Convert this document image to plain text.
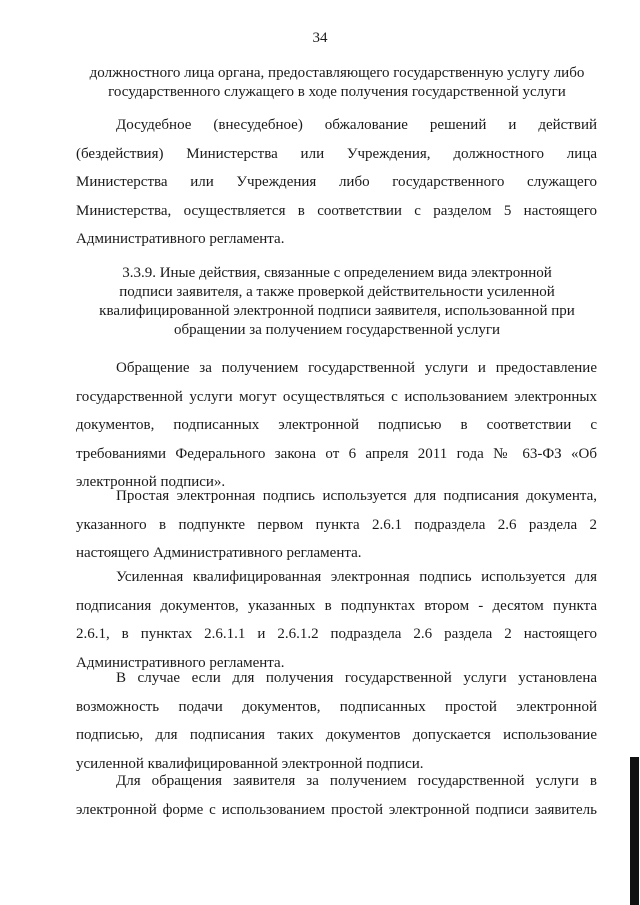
34
должностного лица органа, предоставляющего государственную услугу либо
государственного служащего в ходе получения государственной услуги
Досудебное (внесудебное) обжалование решений и действий
(бездействия) Министерства или Учреждения, должностного лица
Министерства или Учреждения либо государственного служащего
Министерства, осуществляется в соответствии с разделом 5 настоящего
Административного регламента.
3.3.9. Иные действия, связанные с определением вида электронной
подписи заявителя, а также проверкой действительности усиленной
квалифицированной электронной подписи заявителя, использованной при
обращении за получением государственной услуги
Обращение за получением государственной услуги и предоставление
государственной услуги могут осуществляться с использованием электронных
документов, подписанных электронной подписью в соответствии с
требованиями Федерального закона от 6 апреля 2011 года № 63-ФЗ «Об
электронной подписи».
Простая электронная подпись используется для подписания документа,
указанного в подпункте первом пункта 2.6.1 подраздела 2.6 раздела 2
настоящего Административного регламента.
Усиленная квалифицированная электронная подпись используется для
подписания документов, указанных в подпунктах втором - десятом пункта
2.6.1, в пунктах 2.6.1.1 и 2.6.1.2 подраздела 2.6 раздела 2 настоящего
Административного регламента.
В случае если для получения государственной услуги установлена
возможность подачи документов, подписанных простой электронной
подписью, для подписания таких документов допускается использование
усиленной квалифицированной электронной подписи.
Для обращения заявителя за получением государственной услуги в
электронной форме с использованием простой электронной подписи заявитель
